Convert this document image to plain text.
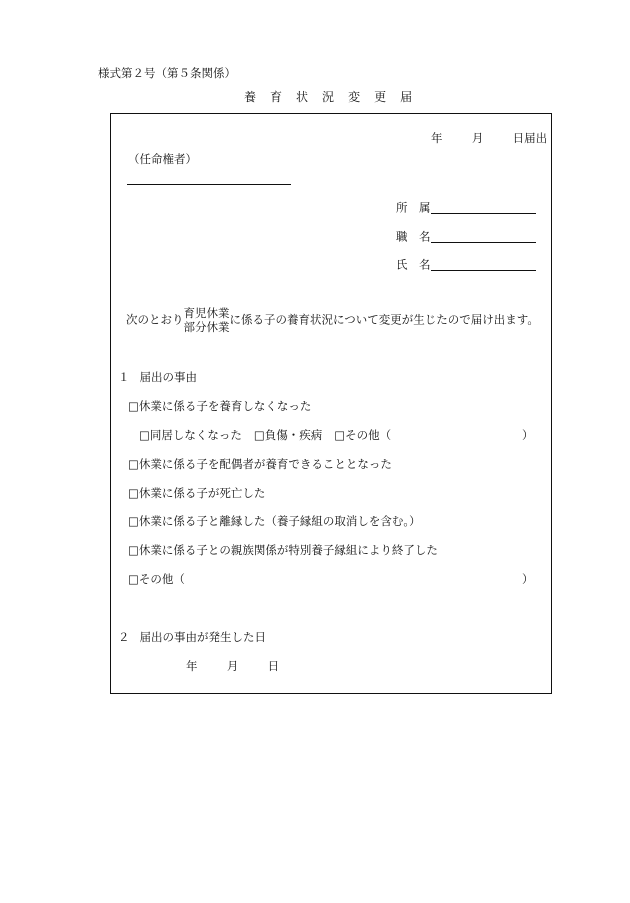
様式第２号（第５条関係）
養 育 状 況 変 更 届
年	月	日届出
（任命権者）
所　属
職　名
氏　名
次のとおり 育児休業
部分休業
に係る子の養育状況について変更が生じたので届け出ます。
１ 届出の事由
□休業に係る子を養育しなくなった
□同居しなくなった □負傷・疾病 □その他（	）
□休業に係る子を配偶者が養育できることとなった
□休業に係る子が死亡した
□休業に係る子と離縁した（養子縁組の取消しを含む。）
□休業に係る子との親族関係が特別養子縁組により終了した
□その他（	）
２ 届出の事由が発生した日
年	月	日
